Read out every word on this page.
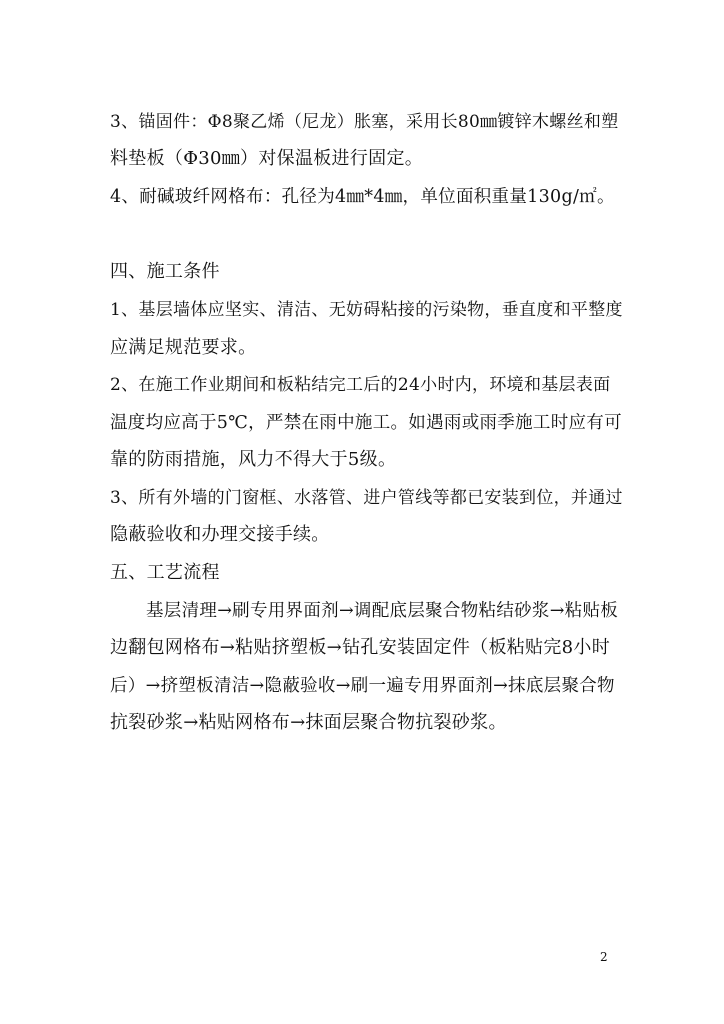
3、锚固件：Φ8聚乙烯（尼龙）胀塞，采用长80㎜镀锌木螺丝和塑
料垫板（Φ30㎜）对保温板进行固定。
4、耐碱玻纤网格布：孔径为4㎜*4㎜，单位面积重量130g/㎡。
四、施工条件
1、基层墙体应坚实、清洁、无妨碍粘接的污染物，垂直度和平整度
应满足规范要求。
2、在施工作业期间和板粘结完工后的24小时内，环境和基层表面
温度均应高于5℃，严禁在雨中施工。如遇雨或雨季施工时应有可
靠的防雨措施，风力不得大于5级。
3、所有外墙的门窗框、水落管、进户管线等都已安装到位，并通过
隐蔽验收和办理交接手续。
五、工艺流程
基层清理→刷专用界面剂→调配底层聚合物粘结砂浆→粘贴板
边翻包网格布→粘贴挤塑板→钻孔安装固定件（板粘贴完8小时
后）→挤塑板清洁→隐蔽验收→刷一遍专用界面剂→抹底层聚合物
抗裂砂浆→粘贴网格布→抹面层聚合物抗裂砂浆。
2
